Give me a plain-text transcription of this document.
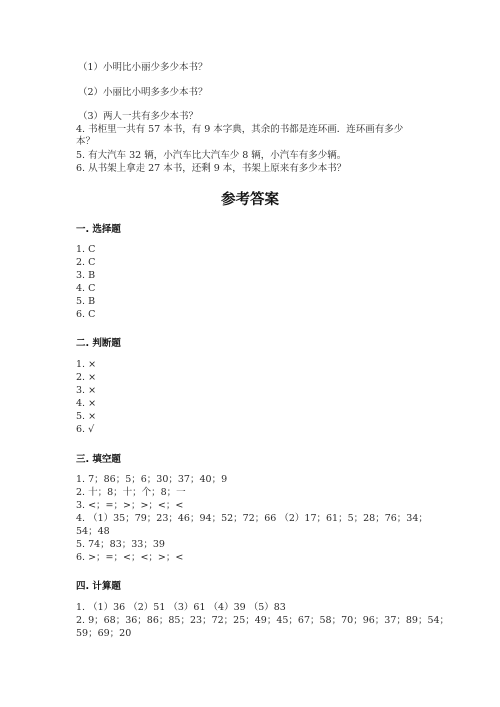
（1）小明比小丽少多少本书？
（2）小丽比小明多多少本书？
（3）两人一共有多少本书？
4. 书柜里一共有 57 本书，有 9 本字典，其余的书都是连环画．连环画有多少
本？
5. 有大汽车 32 辆，小汽车比大汽车少 8 辆，小汽车有多少辆。
6. 从书架上拿走 27 本书，还剩 9 本，书架上原来有多少本书？
参考答案
一. 选择题
1. C
2. C
3. B
4. C
5. B
6. C
二. 判断题
1. ×
2. ×
3. ×
4. ×
5. ×
6. √
三. 填空题
1. 7；86；5；6；30；37；40；9
2. 十；8；十；个；8；一
3. <；=；>；>；<；<
4. （1）35；79；23；46；94；52；72；66 （2）17；61；5；28；76；34；
54；48
5. 74；83；33；39
6. >；=；<；<；>；<
四. 计算题
1. （1）36 （2）51 （3）61 （4）39 （5）83
2. 9；68；36；86；85；23；72；25；49；45；67；58；70；96；37；89；54；
59；69；20
